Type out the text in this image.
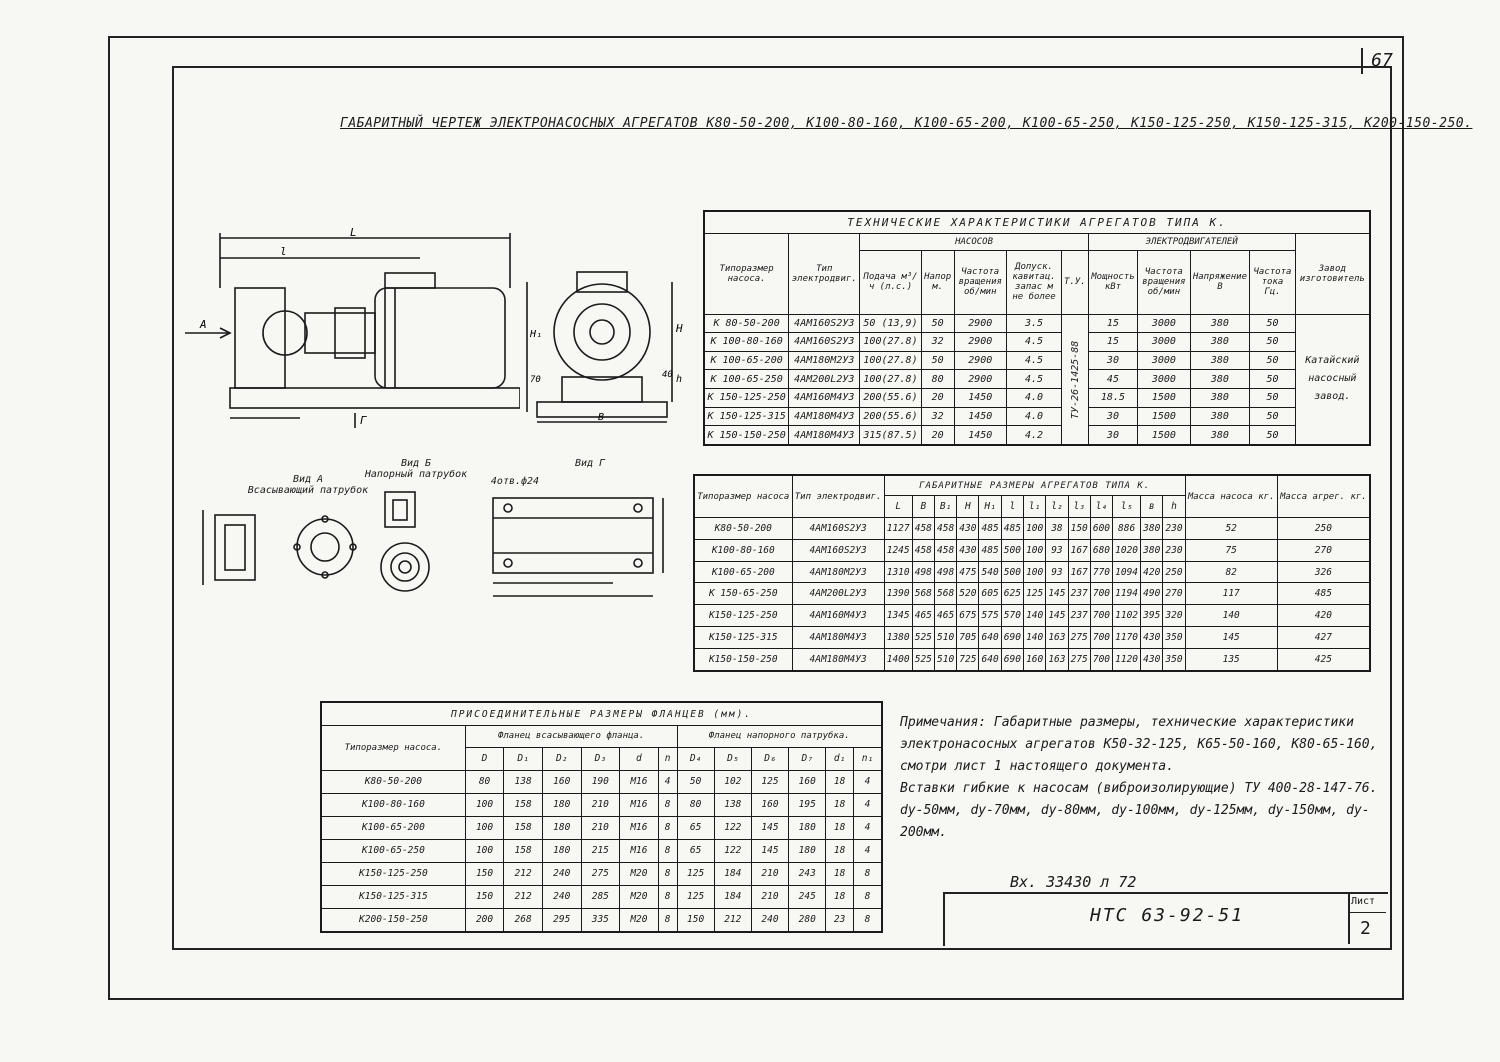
67
ГАБАРИТНЫЙ ЧЕРТЕЖ ЭЛЕКТРОНАСОСНЫХ АГРЕГАТОВ К80-50-200, К100-80-160, К100-65-200, К100-65-250, К150-125-250, К150-125-315, К200-150-250.
А
Г
L
l
H
H₁
h
B
70	40
Вид А
Всасывающий патрубок
Вид Б
Напорный патрубок
Вид Г
4отв.ф24
ТЕХНИЧЕСКИЕ ХАРАКТЕРИСТИКИ АГРЕГАТОВ ТИПА К.											
Типоразмер насоса.	Тип электродвиг.	НАСОСОВ					ЭЛЕКТРОДВИГАТЕЛЕЙ				Завод изготовитель
		Подача м³/ч (л.с.)	Напор м.	Частота вращения об/мин	Допуск. кавитац. запас м не более	Т.У.	Мощность кВт	Частота вращения об/мин	Напряжение В	Частота тока Гц.	
К 80-50-200	4АМ160S2У3	50 (13,9)	50	2900	3.5	ТУ-26-1425-88	15	3000	380	50	Катайский насосный завод.
К 100-80-160	4АМ160S2У3	100(27.8)	32	2900	4.5		15	3000	380	50	
К 100-65-200	4АМ180М2У3	100(27.8)	50	2900	4.5		30	3000	380	50	
К 100-65-250	4АМ200L2У3	100(27.8)	80	2900	4.5		45	3000	380	50	
К 150-125-250	4АМ160М4У3	200(55.6)	20	1450	4.0		18.5	1500	380	50	
К 150-125-315	4АМ180М4У3	200(55.6)	32	1450	4.0		30	1500	380	50	
К 150-150-250	4АМ180М4У3	315(87.5)	20	1450	4.2		30	1500	380	50	
Типоразмер насоса	Тип электродвиг.	ГАБАРИТНЫЕ РАЗМЕРЫ АГРЕГАТОВ ТИПА К.													Масса насоса кг.	Масса агрег. кг.
		L	B	B₁	H	H₁	l	l₁	l₂	l₃	l₄	l₅	в	h		
К80-50-200	4АМ160S2У3	1127	458	458	430	485	485	100	38	150	600	886	380	230	52	250
К100-80-160	4АМ160S2У3	1245	458	458	430	485	500	100	93	167	680	1020	380	230	75	270
К100-65-200	4АМ180М2У3	1310	498	498	475	540	500	100	93	167	770	1094	420	250	82	326
К 150-65-250	4АМ200L2У3	1390	568	568	520	605	625	125	145	237	700	1194	490	270	117	485
К150-125-250	4АМ160М4У3	1345	465	465	675	575	570	140	145	237	700	1102	395	320	140	420
К150-125-315	4АМ180М4У3	1380	525	510	705	640	690	140	163	275	700	1170	430	350	145	427
К150-150-250	4АМ180М4У3	1400	525	510	725	640	690	160	163	275	700	1120	430	350	135	425
ПРИСОЕДИНИТЕЛЬНЫЕ РАЗМЕРЫ ФЛАНЦЕВ (мм).												
Типоразмер насоса.	Фланец всасывающего фланца.						Фланец напорного патрубка.					
	D	D₁	D₂	D₃	d	n	D₄	D₅	D₆	D₇	d₁	n₁
К80-50-200	80	138	160	190	М16	4	50	102	125	160	18	4
К100-80-160	100	158	180	210	М16	8	80	138	160	195	18	4
К100-65-200	100	158	180	210	М16	8	65	122	145	180	18	4
К100-65-250	100	158	180	215	М16	8	65	122	145	180	18	4
К150-125-250	150	212	240	275	М20	8	125	184	210	243	18	8
К150-125-315	150	212	240	285	М20	8	125	184	210	245	18	8
К200-150-250	200	268	295	335	М20	8	150	212	240	280	23	8

Примечания: Габаритные размеры, технические характеристики электронасосных агрегатов К50-32-125, К65-50-160, К80-65-160, смотри лист 1 настоящего документа.

Вставки гибкие к насосам (виброизолирующие) ТУ 400-28-147-76. dy-50мм, dy-70мм, dy-80мм, dy-100мм, dy-125мм, dy-150мм, dy-200мм.

Вх. 33430 л 72
НТС 63-92-51
Лист
2
